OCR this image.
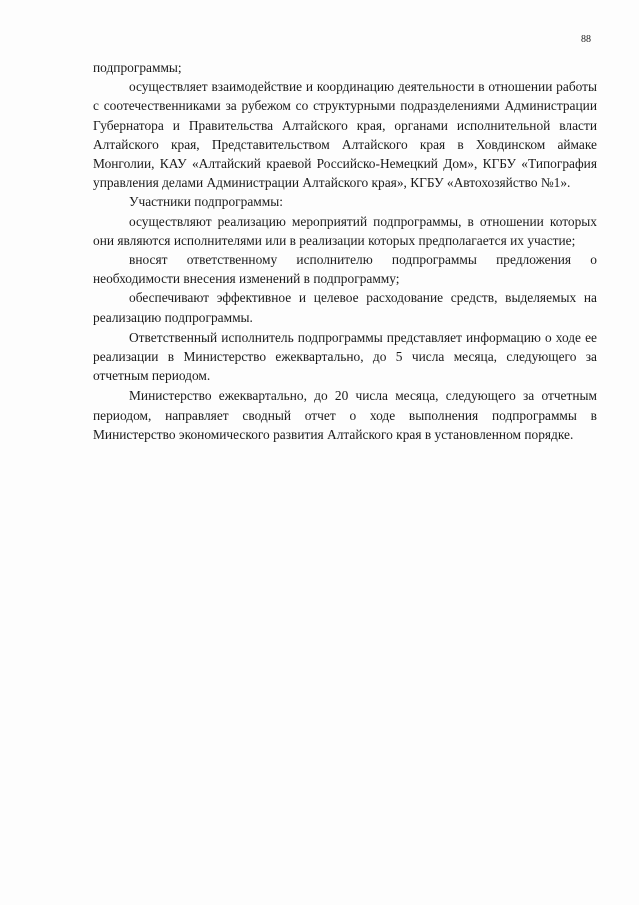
88

подпрограммы;

осуществляет взаимодействие и координацию деятельности в отношении работы с соотечественниками за рубежом со структурными подразделениями Администрации Губернатора и Правительства Алтайского края, органами исполнительной власти Алтайского края, Представительством Алтайского края в Ховдинском аймаке Монголии, КАУ «Алтайский краевой Российско-Немецкий Дом», КГБУ «Типография управления делами Администрации Алтайского края», КГБУ «Автохозяйство №1».

Участники подпрограммы:

осуществляют реализацию мероприятий подпрограммы, в отношении которых они являются исполнителями или в реализации которых предполагается их участие;

вносят ответственному исполнителю подпрограммы предложения о необходимости внесения изменений в подпрограмму;

обеспечивают эффективное и целевое расходование средств, выделяемых на реализацию подпрограммы.

Ответственный исполнитель подпрограммы представляет информацию о ходе ее реализации в Министерство ежеквартально, до 5 числа месяца, следующего за отчетным периодом.

Министерство ежеквартально, до 20 числа месяца, следующего за отчетным периодом, направляет сводный отчет о ходе выполнения подпрограммы в Министерство экономического развития Алтайского края в установленном порядке.
